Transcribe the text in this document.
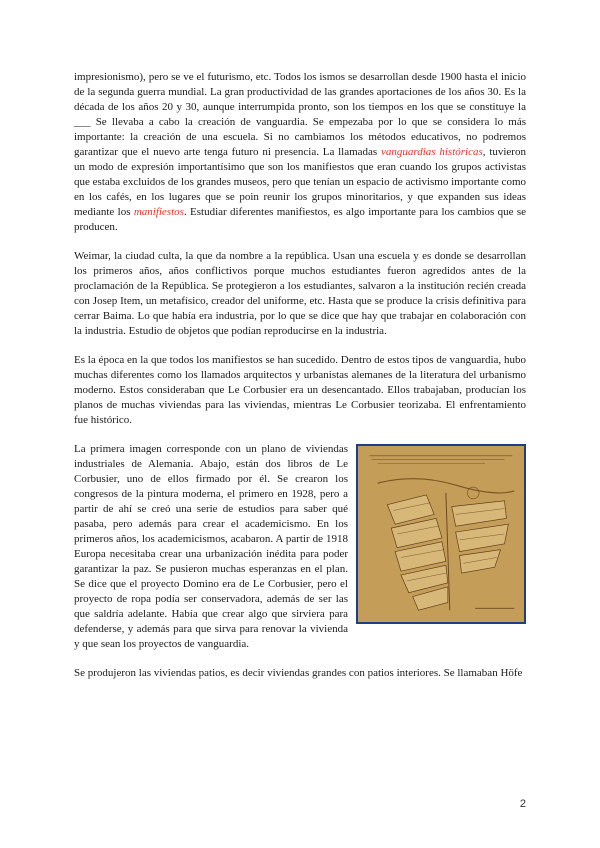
impresionismo), pero se ve el futurismo, etc. Todos los ismos se desarrollan desde 1900 hasta el inicio de la segunda guerra mundial. La gran productividad de las grandes aportaciones de los años 30. Es la década de los años 20 y 30, aunque interrumpida pronto, son los tiempos en los que se constituye la ___ Se llevaba a cabo la creación de vanguardia. Se empezaba por lo que se considera lo más importante: la creación de una escuela. Si no cambiamos los métodos educativos, no podremos garantizar que el nuevo arte tenga futuro ni presencia. La llamadas vanguardias históricas, tuvieron un modo de expresión importantísimo que son los manifiestos que eran cuando los grupos activistas que estaba excluidos de los grandes museos, pero que tenían un espacio de activismo importante como en los cafés, en los lugares que se poin reunir los grupos minoritarios, y que expanden sus ideas mediante los manifiestos. Estudiar diferentes manifiestos, es algo importante para los cambios que se producen.

Weimar, la ciudad culta, la que da nombre a la república. Usan una escuela y es donde se desarrollan los primeros años, años conflictivos porque muchos estudiantes fueron agredidos antes de la proclamación de la República. Se protegieron a los estudiantes, salvaron a la institución recién creada con Josep Item, un metafísico, creador del uniforme, etc. Hasta que se produce la crisis definitiva para cerrar Baima. Lo que había era industria, por lo que se dice que hay que trabajar en colaboración con la industria. Estudio de objetos que podían reproducirse en la industria.

Es la época en la que todos los manifiestos se han sucedido. Dentro de estos tipos de vanguardia, hubo muchas diferentes como los llamados arquitectos y urbanistas alemanes de la literatura del urbanismo moderno. Estos consideraban que Le Corbusier era un desencantado. Ellos trabajaban, producían los planos de muchas viviendas para las viviendas, mientras Le Corbusier teorizaba. El enfrentamiento fue histórico.

La primera imagen corresponde con un plano de viviendas industriales de Alemania. Abajo, están dos libros de Le Corbusier, uno de ellos firmado por él. Se crearon los congresos de la pintura moderna, el primero en 1928, pero a partir de ahí se creó una serie de estudios para saber qué pasaba, pero además para crear el academicismo. En los primeros años, los academicismos, acabaron. A partir de 1918 Europa necesitaba crear una urbanización inédita para poder garantizar la paz. Se pusieron muchas esperanzas en el plan. Se dice que el proyecto Domino era de Le Corbusier, pero el proyecto de ropa podía ser conservadora, además de ser las que saldría adelante. Había que crear algo que sirviera para defenderse, y además para que sirva para renovar la vivienda y que sean los proyectos de vanguardia.

Se produjeron las viviendas patios, es decir viviendas grandes con patios interiores. Se llamaban Höfe

2
